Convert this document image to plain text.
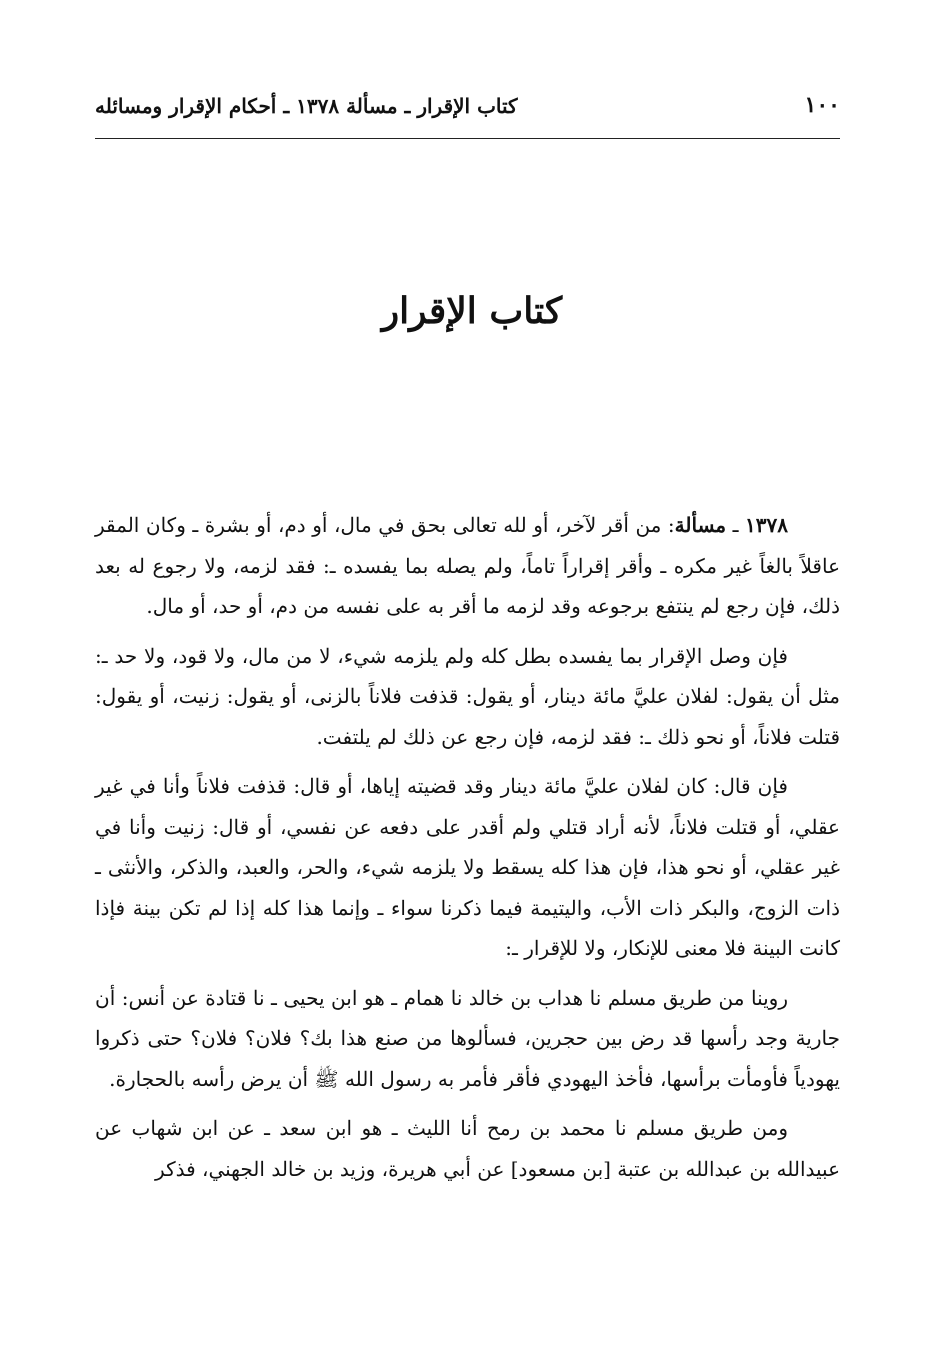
١٠٠
كتاب الإقرار ـ مسألة ١٣٧٨ ـ أحكام الإقرار ومسائله
كتاب الإقرار

١٣٧٨ ـ مسألة: من أقر لآخر، أو لله تعالى بحق في مال، أو دم، أو بشرة ـ وكان المقر عاقلاً بالغاً غير مكره ـ وأقر إقراراً تاماً، ولم يصله بما يفسده ـ: فقد لزمه، ولا رجوع له بعد ذلك، فإن رجع لم ينتفع برجوعه وقد لزمه ما أقر به على نفسه من دم، أو حد، أو مال.

فإن وصل الإقرار بما يفسده بطل كله ولم يلزمه شيء، لا من مال، ولا قود، ولا حد ـ: مثل أن يقول: لفلان عليَّ مائة دينار، أو يقول: قذفت فلاناً بالزنى، أو يقول: زنيت، أو يقول: قتلت فلاناً، أو نحو ذلك ـ: فقد لزمه، فإن رجع عن ذلك لم يلتفت.

فإن قال: كان لفلان عليَّ مائة دينار وقد قضيته إياها، أو قال: قذفت فلاناً وأنا في غير عقلي، أو قتلت فلاناً، لأنه أراد قتلي ولم أقدر على دفعه عن نفسي، أو قال: زنيت وأنا في غير عقلي، أو نحو هذا، فإن هذا كله يسقط ولا يلزمه شيء، والحر، والعبد، والذكر، والأنثى ـ ذات الزوج، والبكر ذات الأب، واليتيمة فيما ذكرنا سواء ـ وإنما هذا كله إذا لم تكن بينة فإذا كانت البينة فلا معنى للإنكار، ولا للإقرار ـ:

روينا من طريق مسلم نا هداب بن خالد نا همام ـ هو ابن يحيى ـ نا قتادة عن أنس: أن جارية وجد رأسها قد رض بين حجرين، فسألوها من صنع هذا بك؟ فلان؟ فلان؟ حتى ذكروا يهودياً فأومأت برأسها، فأخذ اليهودي فأقر فأمر به رسول الله ﷺ أن يرض رأسه بالحجارة.

ومن طريق مسلم نا محمد بن رمح أنا الليث ـ هو ابن سعد ـ عن ابن شهاب عن عبيدالله بن عبدالله بن عتبة [بن مسعود] عن أبي هريرة، وزيد بن خالد الجهني، فذكر
